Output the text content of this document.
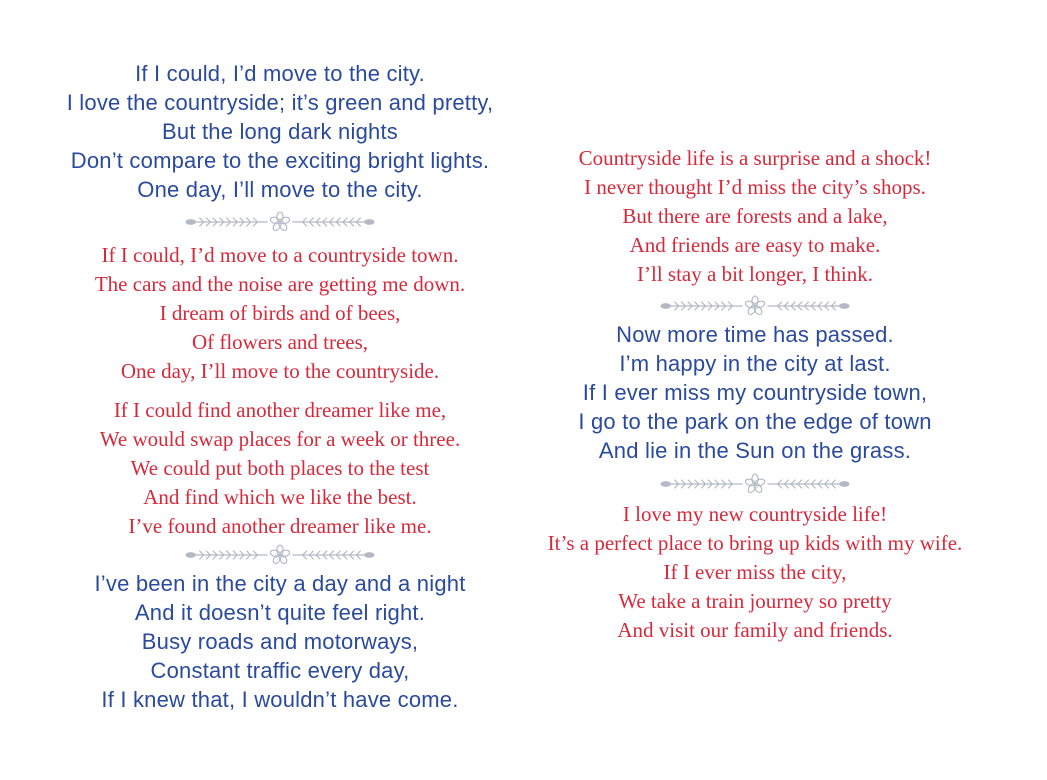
If I could, I’d move to the city.
I love the countryside; it’s green and pretty,
But the long dark nights
Don’t compare to the exciting bright lights.
One day, I’ll move to the city.
If I could, I’d move to a countryside town.
The cars and the noise are getting me down.
I dream of birds and of bees,
Of flowers and trees,
One day, I’ll move to the countryside.
If I could find another dreamer like me,
We would swap places for a week or three.
We could put both places to the test
And find which we like the best.
I’ve found another dreamer like me.
I’ve been in the city a day and a night
And it doesn’t quite feel right.
Busy roads and motorways,
Constant traffic every day,
If I knew that, I wouldn’t have come.
Countryside life is a surprise and a shock!
I never thought I’d miss the city’s shops.
But there are forests and a lake,
And friends are easy to make.
I’ll stay a bit longer, I think.
Now more time has passed.
I’m happy in the city at last.
If I ever miss my countryside town,
I go to the park on the edge of town
And lie in the Sun on the grass.
I love my new countryside life!
It’s a perfect place to bring up kids with my wife.
If I ever miss the city,
We take a train journey so pretty
And visit our family and friends.
